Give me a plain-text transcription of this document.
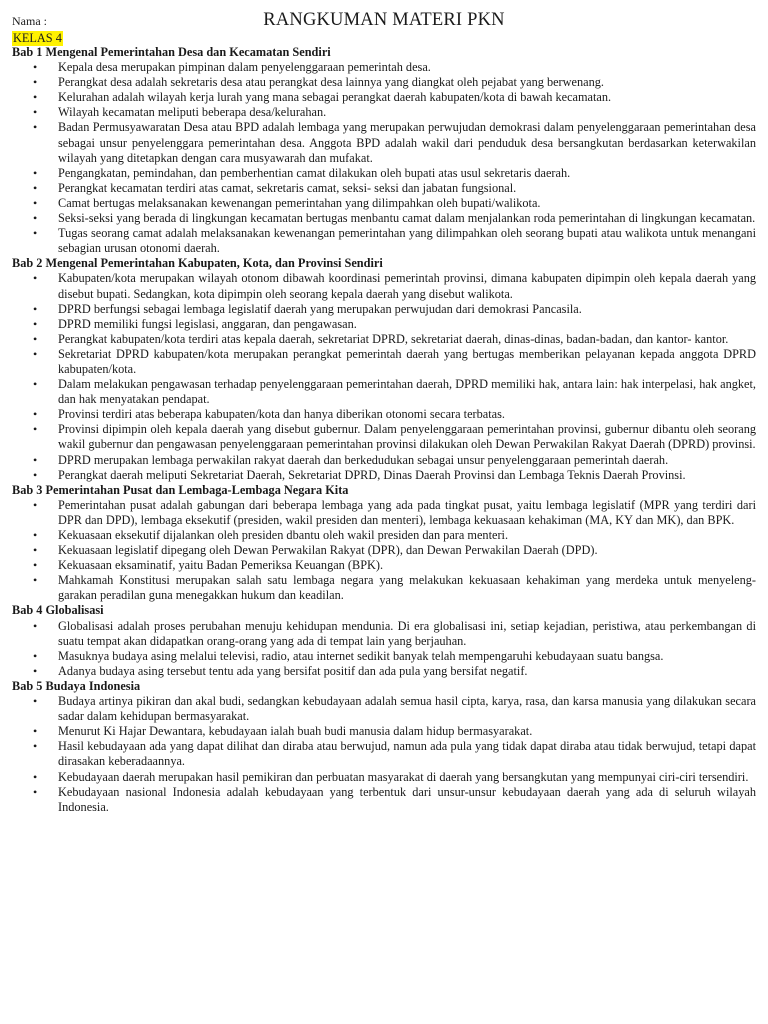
Nama :	RANGKUMAN MATERI PKN
KELAS 4
Bab 1 Mengenal Pemerintahan Desa dan Kecamatan Sendiri
• Kepala desa merupakan pimpinan dalam penyelenggaraan pemerintah desa.
• Perangkat desa adalah sekretaris desa atau perangkat desa lainnya yang diangkat oleh pejabat yang berwenang.
• Kelurahan adalah wilayah kerja lurah yang mana sebagai perangkat daerah kabupaten/kota di bawah kecamatan.
• Wilayah kecamatan meliputi beberapa desa/kelurahan.
• Badan Permusyawaratan Desa atau BPD adalah lembaga yang merupakan perwujudan demokrasi dalam penyelenggaraan pemerintahan desa sebagai unsur penyelenggara pemerintahan desa. Anggota BPD adalah wakil dari penduduk desa bersangkutan berdasarkan keterwakilan wilayah yang ditetapkan dengan cara musyawarah dan mufakat.
• Pengangkatan, pemindahan, dan pemberhentian camat dilakukan oleh bupati atas usul sekretaris daerah.
• Perangkat kecamatan terdiri atas camat, sekretaris camat, seksi- seksi dan jabatan fungsional.
• Camat bertugas melaksanakan kewenangan pemerintahan yang dilimpahkan oleh bupati/walikota.
• Seksi-seksi yang berada di lingkungan kecamatan bertugas menbantu camat dalam menjalankan roda pemerintahan di lingkungan kecamatan.
• Tugas seorang camat adalah melaksanakan kewenangan pemerintahan yang dilimpahkan oleh seorang bupati atau walikota untuk menangani sebagian urusan otonomi daerah.
Bab 2 Mengenal Pemerintahan Kabupaten, Kota, dan Provinsi Sendiri
• Kabupaten/kota merupakan wilayah otonom dibawah koordinasi pemerintah provinsi, dimana kabupaten dipimpin oleh kepala daerah yang disebut bupati. Sedangkan, kota dipimpin oleh seorang kepala daerah yang disebut walikota.
• DPRD berfungsi sebagai lembaga legislatif daerah yang merupakan perwujudan dari demokrasi Pancasila.
• DPRD memiliki fungsi legislasi, anggaran, dan pengawasan.
• Perangkat kabupaten/kota terdiri atas kepala daerah, sekretariat DPRD, sekretariat daerah, dinas-dinas, badan-badan, dan kantor- kantor.
• Sekretariat DPRD kabupaten/kota merupakan perangkat pemerintah daerah yang bertugas memberikan pelayanan kepada anggota DPRD kabupaten/kota.
• Dalam melakukan pengawasan terhadap penyelenggaraan pemerintahan daerah, DPRD memiliki hak, antara lain: hak interpelasi, hak angket, dan hak menyatakan pendapat.
• Provinsi terdiri atas beberapa kabupaten/kota dan hanya diberikan otonomi secara terbatas.
• Provinsi dipimpin oleh kepala daerah yang disebut gubernur. Dalam penyelenggaraan pemerintahan provinsi, gubernur dibantu oleh seorang wakil gubernur dan pengawasan penyelenggaraan pemerintahan provinsi dilakukan oleh Dewan Perwakilan Rakyat Daerah (DPRD) provinsi.
• DPRD merupakan lembaga perwakilan rakyat daerah dan berkedudukan sebagai unsur penyelenggaraan pemerintah daerah.
• Perangkat daerah meliputi Sekretariat Daerah, Sekretariat DPRD, Dinas Daerah Provinsi dan Lembaga Teknis Daerah Provinsi.
Bab 3 Pemerintahan Pusat dan Lembaga-Lembaga Negara Kita
• Pemerintahan pusat adalah gabungan dari beberapa lembaga yang ada pada tingkat pusat, yaitu lembaga legislatif (MPR yang terdiri dari DPR dan DPD), lembaga eksekutif (presiden, wakil presiden dan menteri), lembaga kekuasaan kehakiman (MA, KY dan MK), dan BPK.
• Kekuasaan eksekutif dijalankan oleh presiden dbantu oleh wakil presiden dan para menteri.
• Kekuasaan legislatif dipegang oleh Dewan Perwakilan Rakyat (DPR), dan Dewan Perwakilan Daerah (DPD).
• Kekuasaan eksaminatif, yaitu Badan Pemeriksa Keuangan (BPK).
• Mahkamah Konstitusi merupakan salah satu lembaga negara yang melakukan kekuasaan kehakiman yang merdeka untuk menyeleng- garakan peradilan guna menegakkan hukum dan keadilan.
Bab 4 Globalisasi
• Globalisasi adalah proses perubahan menuju kehidupan mendunia. Di era globalisasi ini, setiap kejadian, peristiwa, atau perkembangan di suatu tempat akan didapatkan orang-orang yang ada di tempat lain yang berjauhan.
• Masuknya budaya asing melalui televisi, radio, atau internet sedikit banyak telah mempengaruhi kebudayaan suatu bangsa.
• Adanya budaya asing tersebut tentu ada yang bersifat positif dan ada pula yang bersifat negatif.
Bab 5 Budaya Indonesia
• Budaya artinya pikiran dan akal budi, sedangkan kebudayaan adalah semua hasil cipta, karya, rasa, dan karsa manusia yang dilakukan secara sadar dalam kehidupan bermasyarakat.
• Menurut Ki Hajar Dewantara, kebudayaan ialah buah budi manusia dalam hidup bermasyarakat.
• Hasil kebudayaan ada yang dapat dilihat dan diraba atau berwujud, namun ada pula yang tidak dapat diraba atau tidak berwujud, tetapi dapat dirasakan keberadaannya.
• Kebudayaan daerah merupakan hasil pemikiran dan perbuatan masyarakat di daerah yang bersangkutan yang mempunyai ciri-ciri tersendiri.
• Kebudayaan nasional Indonesia adalah kebudayaan yang terbentuk dari unsur-unsur kebudayaan daerah yang ada di seluruh wilayah Indonesia.
